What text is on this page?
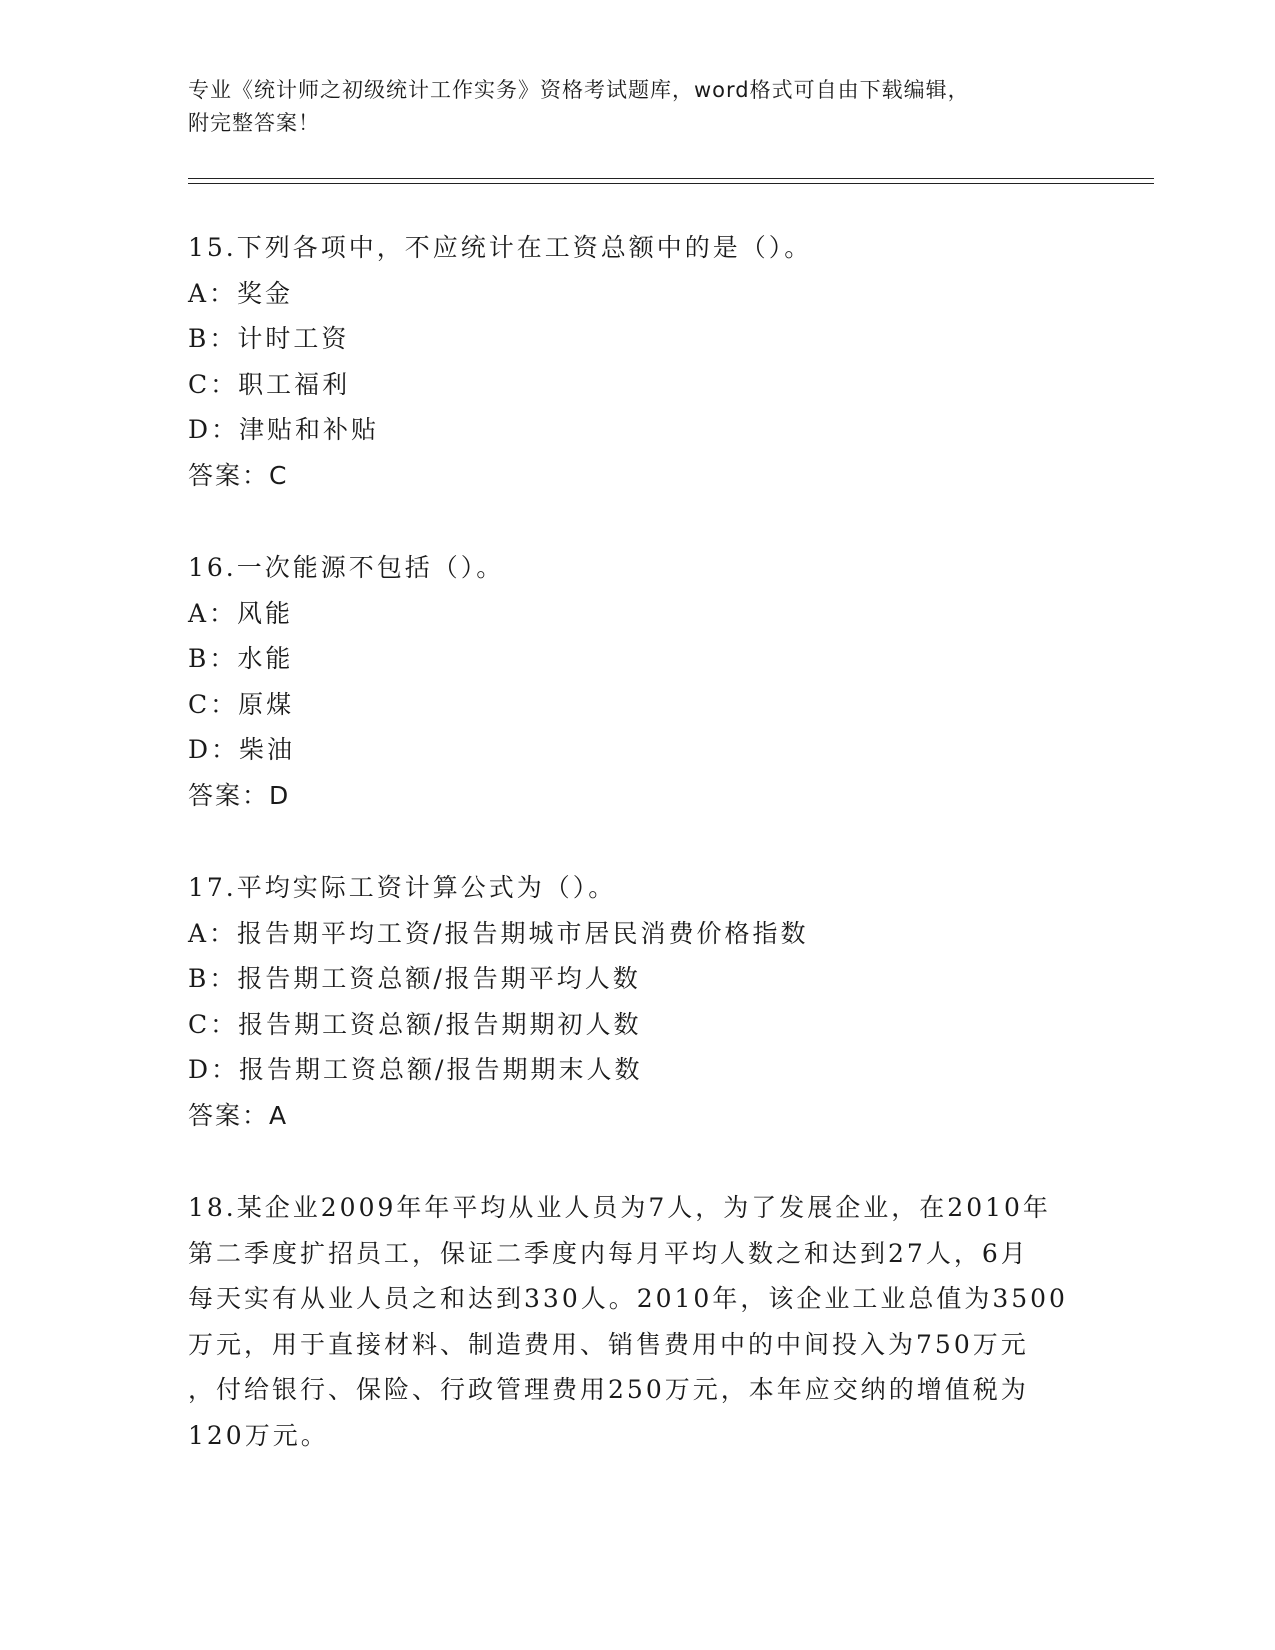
专业《统计师之初级统计工作实务》资格考试题库，word格式可自由下载编辑，
附完整答案！
15.下列各项中，不应统计在工资总额中的是（）。
A：奖金
B：计时工资
C：职工福利
D：津贴和补贴
答案：C
16.一次能源不包括（）。
A：风能
B：水能
C：原煤
D：柴油
答案：D
17.平均实际工资计算公式为（）。
A：报告期平均工资/报告期城市居民消费价格指数
B：报告期工资总额/报告期平均人数
C：报告期工资总额/报告期期初人数
D：报告期工资总额/报告期期末人数
答案：A
18.某企业2009年年平均从业人员为7人，为了发展企业，在2010年
第二季度扩招员工，保证二季度内每月平均人数之和达到27人，6月
每天实有从业人员之和达到330人。2010年，该企业工业总值为3500
万元，用于直接材料、制造费用、销售费用中的中间投入为750万元
，付给银行、保险、行政管理费用250万元，本年应交纳的增值税为
120万元。
